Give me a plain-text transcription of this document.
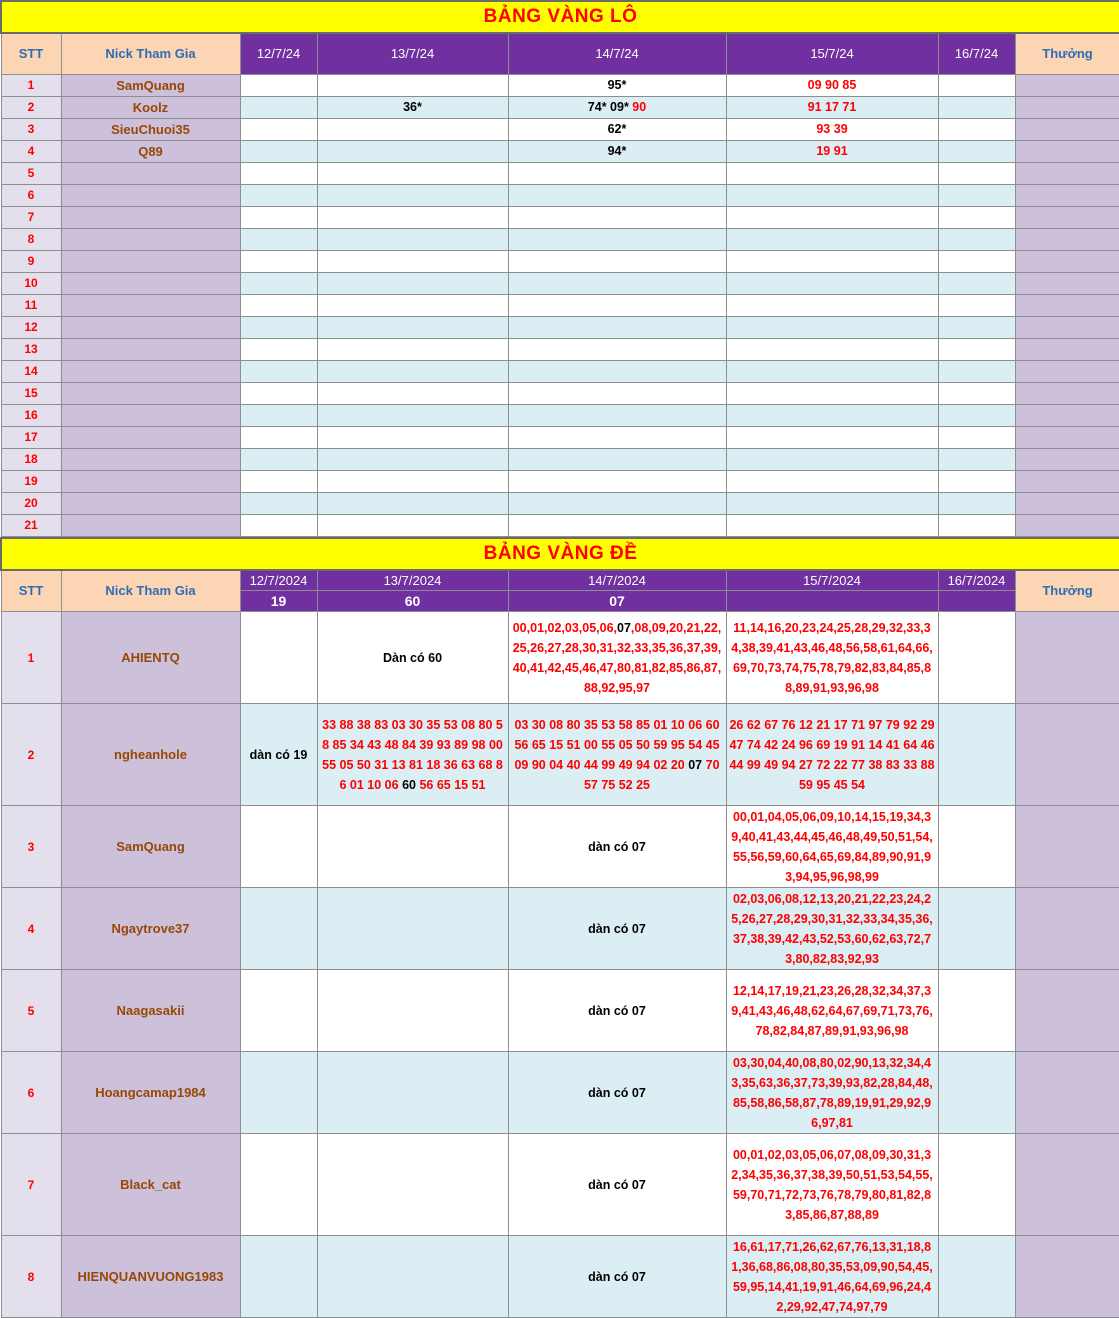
BẢNG VÀNG LÔ							
STT	Nick Tham Gia	12/7/24	13/7/24	14/7/24	15/7/24	16/7/24	Thưởng
1	SamQuang			95*	09 90 85		

2	Koolz		36*	74* 09* 90	91 17 71		

3	SieuChuoi35			62*	93 39		

4	Q89			94*	19 91		

5		

6		

7		

8		

9		

10		

11		

12		

13		

14		

15		

16		

17		

18		

19		

20		

21		

BẢNG VÀNG ĐỀ							
STT	Nick Tham Gia	12/7/2024	13/7/2024	14/7/2024	15/7/2024	16/7/2024	Thưởng
		19	60	07			
1	AHIENTQ		Dàn có 60	00,01,02,03,05,06,07,08,09,20,21,22,25,26,27,28,30,31,32,33,35,36,37,39,40,41,42,45,46,47,80,81,82,85,86,87,88,92,95,97	11,14,16,20,23,24,25,28,29,32,33,34,38,39,41,43,46,48,56,58,61,64,66,69,70,73,74,75,78,79,82,83,84,85,88,89,91,93,96,98		

2	ngheanhole	dàn có 19	33 88 38 83 03 30 35 53 08 80 58 85 34 43 48 84 39 93 89 98 00 55 05 50 31 13 81 18 36 63 68 86 01 10 06 60 56 65 15 51	03 30 08 80 35 53 58 85 01 10 06 60 56 65 15 51 00 55 05 50 59 95 54 45 09 90 04 40 44 99 49 94 02 20 07 70 57 75 52 25	26 62 67 76 12 21 17 71 97 79 92 29 47 74 42 24 96 69 19 91 14 41 64 46 44 99 49 94 27 72 22 77 38 83 33 88 59 95 45 54		

3	SamQuang			dàn có 07	00,01,04,05,06,09,10,14,15,19,34,39,40,41,43,44,45,46,48,49,50,51,54,55,56,59,60,64,65,69,84,89,90,91,93,94,95,96,98,99		

4	Ngaytrove37			dàn có 07	02,03,06,08,12,13,20,21,22,23,24,25,26,27,28,29,30,31,32,33,34,35,36,37,38,39,42,43,52,53,60,62,63,72,73,80,82,83,92,93		

5	Naagasakii			dàn có 07	12,14,17,19,21,23,26,28,32,34,37,39,41,43,46,48,62,64,67,69,71,73,76,78,82,84,87,89,91,93,96,98		

6	Hoangcamap1984			dàn có 07	03,30,04,40,08,80,02,90,13,32,34,43,35,63,36,37,73,39,93,82,28,84,48,85,58,86,58,87,78,89,19,91,29,92,96,97,81		

7	Black_cat			dàn có 07	00,01,02,03,05,06,07,08,09,30,31,32,34,35,36,37,38,39,50,51,53,54,55,59,70,71,72,73,76,78,79,80,81,82,83,85,86,87,88,89		

8	HIENQUANVUONG1983			dàn có 07	16,61,17,71,26,62,67,76,13,31,18,81,36,68,86,08,80,35,53,09,90,54,45,59,95,14,41,19,91,46,64,69,96,24,42,29,92,47,74,97,79		
